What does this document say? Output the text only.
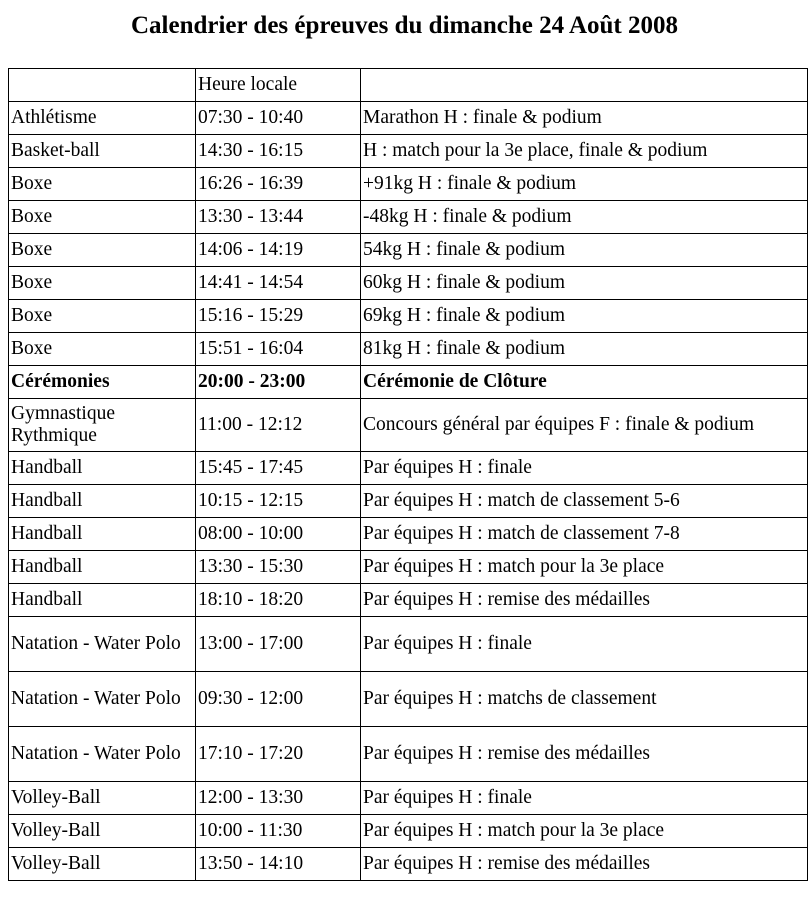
Calendrier des épreuves du dimanche 24 Août 2008
	Heure locale	
Athlétisme	07:30 - 10:40	Marathon H : finale & podium
Basket-ball	14:30 - 16:15	H : match pour la 3e place, finale & podium
Boxe	16:26 - 16:39	+91kg H : finale & podium
Boxe	13:30 - 13:44	-48kg H : finale & podium
Boxe	14:06 - 14:19	54kg H : finale & podium
Boxe	14:41 - 14:54	60kg H : finale & podium
Boxe	15:16 - 15:29	69kg H : finale & podium
Boxe	15:51 - 16:04	81kg H : finale & podium
Cérémonies	20:00 - 23:00	Cérémonie de Clôture
Gymnastique Rythmique	11:00 - 12:12	Concours général par équipes F : finale & podium
Handball	15:45 - 17:45	Par équipes H : finale
Handball	10:15 - 12:15	Par équipes H : match de classement 5-6
Handball	08:00 - 10:00	Par équipes H : match de classement 7-8
Handball	13:30 - 15:30	Par équipes H : match pour la 3e place
Handball	18:10 - 18:20	Par équipes H : remise des médailles
Natation - Water Polo	13:00 - 17:00	Par équipes H : finale
Natation - Water Polo	09:30 - 12:00	Par équipes H : matchs de classement
Natation - Water Polo	17:10 - 17:20	Par équipes H : remise des médailles
Volley-Ball	12:00 - 13:30	Par équipes H : finale
Volley-Ball	10:00 - 11:30	Par équipes H : match pour la 3e place
Volley-Ball	13:50 - 14:10	Par équipes H : remise des médailles
